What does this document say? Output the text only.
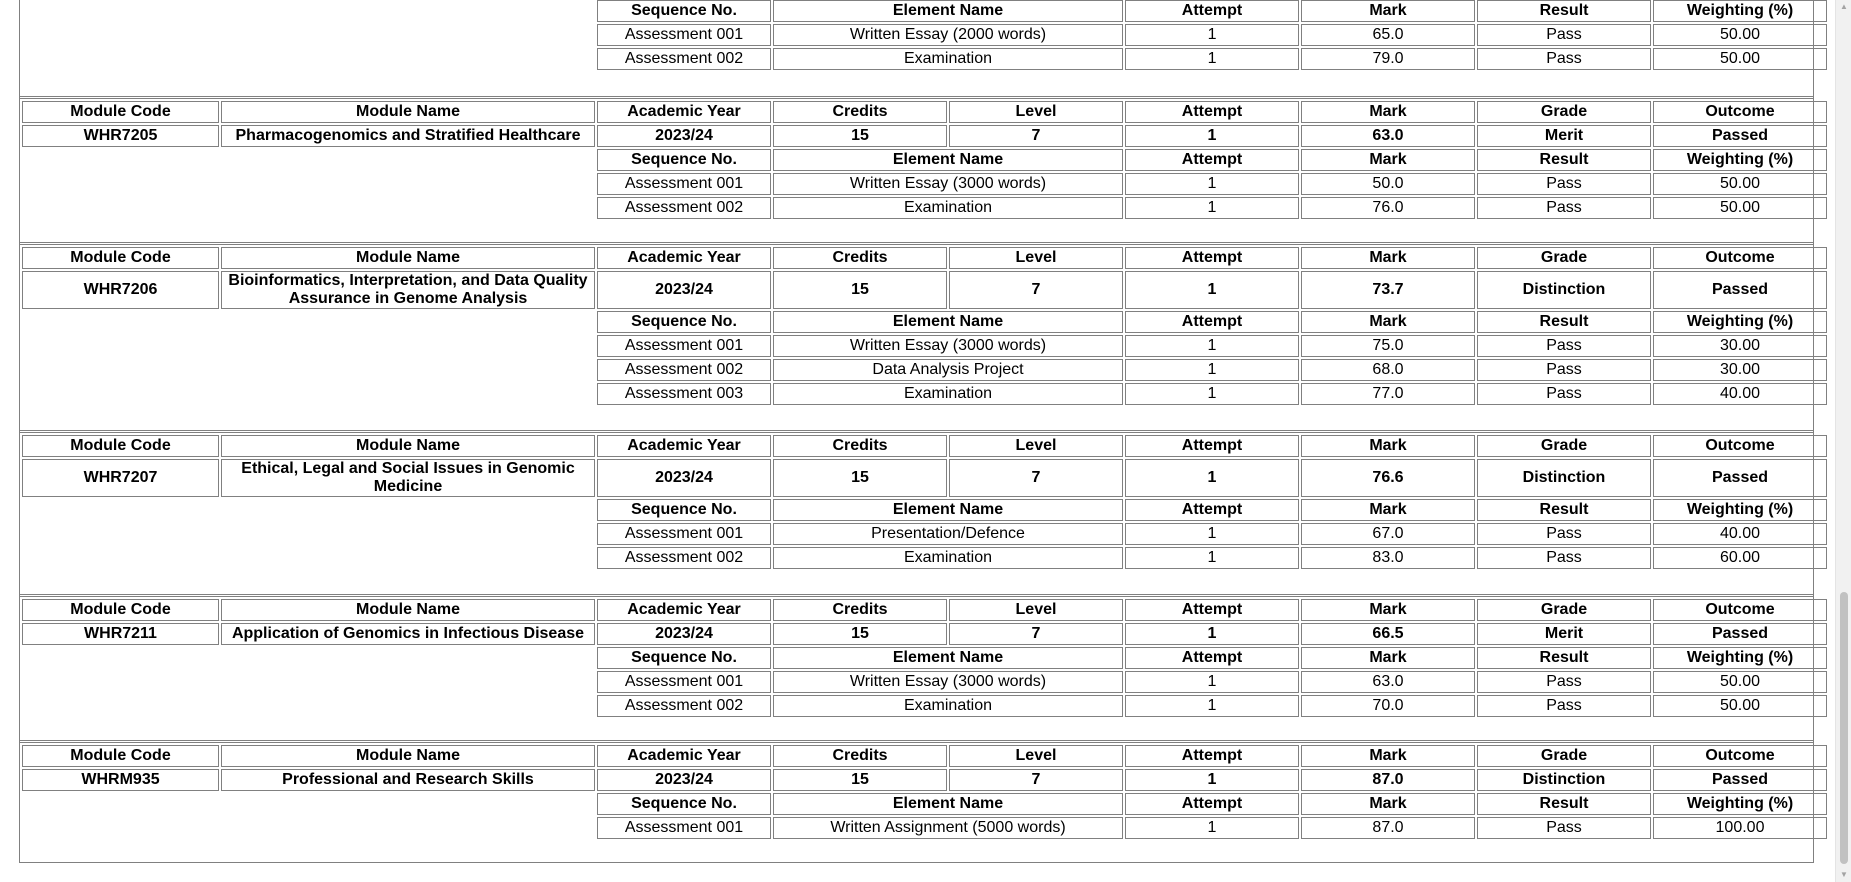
		Sequence No.	Element Name	Attempt	Mark	Result	Weighting (%)
		Assessment 001	Written Essay (2000 words)	1	65.0	Pass	50.00
		Assessment 002	Examination	1	79.0	Pass	50.00
Module Code	Module Name	Academic Year	Credits	Level	Attempt	Mark	Grade	Outcome
WHR7205	Pharmacogenomics and Stratified Healthcare	2023/24	15	7	1	63.0	Merit	Passed
		Sequence No.	Element Name		Attempt	Mark	Result	Weighting (%)
		Assessment 001	Written Essay (3000 words)		1	50.0	Pass	50.00
		Assessment 002	Examination		1	76.0	Pass	50.00
Module Code	Module Name	Academic Year	Credits	Level	Attempt	Mark	Grade	Outcome
WHR7206	Bioinformatics, Interpretation, and Data Quality Assurance in Genome Analysis	2023/24	15	7	1	73.7	Distinction	Passed
		Sequence No.	Element Name		Attempt	Mark	Result	Weighting (%)
		Assessment 001	Written Essay (3000 words)		1	75.0	Pass	30.00
		Assessment 002	Data Analysis Project		1	68.0	Pass	30.00
		Assessment 003	Examination		1	77.0	Pass	40.00
Module Code	Module Name	Academic Year	Credits	Level	Attempt	Mark	Grade	Outcome
WHR7207	Ethical, Legal and Social Issues in Genomic Medicine	2023/24	15	7	1	76.6	Distinction	Passed
		Sequence No.	Element Name		Attempt	Mark	Result	Weighting (%)
		Assessment 001	Presentation/Defence		1	67.0	Pass	40.00
		Assessment 002	Examination		1	83.0	Pass	60.00
Module Code	Module Name	Academic Year	Credits	Level	Attempt	Mark	Grade	Outcome
WHR7211	Application of Genomics in Infectious Disease	2023/24	15	7	1	66.5	Merit	Passed
		Sequence No.	Element Name		Attempt	Mark	Result	Weighting (%)
		Assessment 001	Written Essay (3000 words)		1	63.0	Pass	50.00
		Assessment 002	Examination		1	70.0	Pass	50.00
Module Code	Module Name	Academic Year	Credits	Level	Attempt	Mark	Grade	Outcome
WHRM935	Professional and Research Skills	2023/24	15	7	1	87.0	Distinction	Passed
		Sequence No.	Element Name		Attempt	Mark	Result	Weighting (%)
		Assessment 001	Written Assignment (5000 words)		1	87.0	Pass	100.00
▲
▼
